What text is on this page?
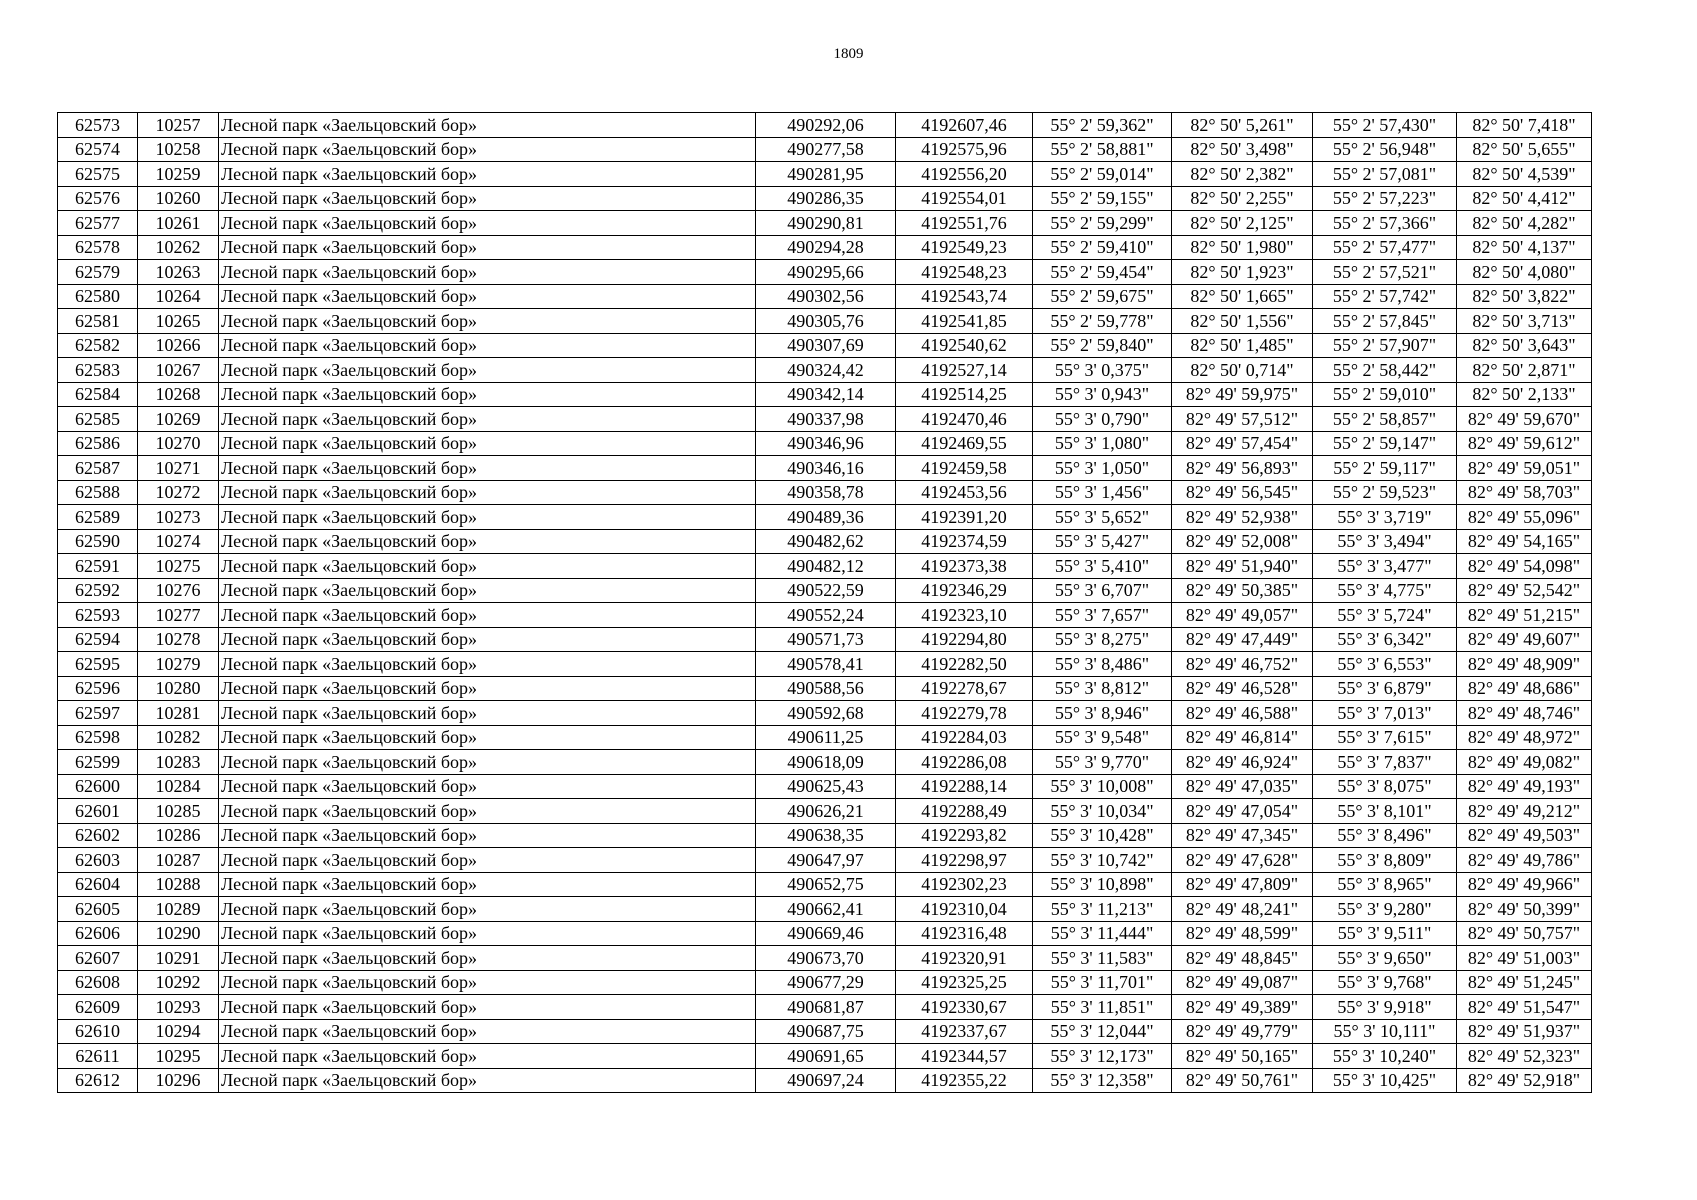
1809
62573	10257	Лесной парк «Заельцовский бор»	490292,06	4192607,46	55° 2' 59,362"	82° 50' 5,261"	55° 2' 57,430"	82° 50' 7,418"
62574	10258	Лесной парк «Заельцовский бор»	490277,58	4192575,96	55° 2' 58,881"	82° 50' 3,498"	55° 2' 56,948"	82° 50' 5,655"
62575	10259	Лесной парк «Заельцовский бор»	490281,95	4192556,20	55° 2' 59,014"	82° 50' 2,382"	55° 2' 57,081"	82° 50' 4,539"
62576	10260	Лесной парк «Заельцовский бор»	490286,35	4192554,01	55° 2' 59,155"	82° 50' 2,255"	55° 2' 57,223"	82° 50' 4,412"
62577	10261	Лесной парк «Заельцовский бор»	490290,81	4192551,76	55° 2' 59,299"	82° 50' 2,125"	55° 2' 57,366"	82° 50' 4,282"
62578	10262	Лесной парк «Заельцовский бор»	490294,28	4192549,23	55° 2' 59,410"	82° 50' 1,980"	55° 2' 57,477"	82° 50' 4,137"
62579	10263	Лесной парк «Заельцовский бор»	490295,66	4192548,23	55° 2' 59,454"	82° 50' 1,923"	55° 2' 57,521"	82° 50' 4,080"
62580	10264	Лесной парк «Заельцовский бор»	490302,56	4192543,74	55° 2' 59,675"	82° 50' 1,665"	55° 2' 57,742"	82° 50' 3,822"
62581	10265	Лесной парк «Заельцовский бор»	490305,76	4192541,85	55° 2' 59,778"	82° 50' 1,556"	55° 2' 57,845"	82° 50' 3,713"
62582	10266	Лесной парк «Заельцовский бор»	490307,69	4192540,62	55° 2' 59,840"	82° 50' 1,485"	55° 2' 57,907"	82° 50' 3,643"
62583	10267	Лесной парк «Заельцовский бор»	490324,42	4192527,14	55° 3' 0,375"	82° 50' 0,714"	55° 2' 58,442"	82° 50' 2,871"
62584	10268	Лесной парк «Заельцовский бор»	490342,14	4192514,25	55° 3' 0,943"	82° 49' 59,975"	55° 2' 59,010"	82° 50' 2,133"
62585	10269	Лесной парк «Заельцовский бор»	490337,98	4192470,46	55° 3' 0,790"	82° 49' 57,512"	55° 2' 58,857"	82° 49' 59,670"
62586	10270	Лесной парк «Заельцовский бор»	490346,96	4192469,55	55° 3' 1,080"	82° 49' 57,454"	55° 2' 59,147"	82° 49' 59,612"
62587	10271	Лесной парк «Заельцовский бор»	490346,16	4192459,58	55° 3' 1,050"	82° 49' 56,893"	55° 2' 59,117"	82° 49' 59,051"
62588	10272	Лесной парк «Заельцовский бор»	490358,78	4192453,56	55° 3' 1,456"	82° 49' 56,545"	55° 2' 59,523"	82° 49' 58,703"
62589	10273	Лесной парк «Заельцовский бор»	490489,36	4192391,20	55° 3' 5,652"	82° 49' 52,938"	55° 3' 3,719"	82° 49' 55,096"
62590	10274	Лесной парк «Заельцовский бор»	490482,62	4192374,59	55° 3' 5,427"	82° 49' 52,008"	55° 3' 3,494"	82° 49' 54,165"
62591	10275	Лесной парк «Заельцовский бор»	490482,12	4192373,38	55° 3' 5,410"	82° 49' 51,940"	55° 3' 3,477"	82° 49' 54,098"
62592	10276	Лесной парк «Заельцовский бор»	490522,59	4192346,29	55° 3' 6,707"	82° 49' 50,385"	55° 3' 4,775"	82° 49' 52,542"
62593	10277	Лесной парк «Заельцовский бор»	490552,24	4192323,10	55° 3' 7,657"	82° 49' 49,057"	55° 3' 5,724"	82° 49' 51,215"
62594	10278	Лесной парк «Заельцовский бор»	490571,73	4192294,80	55° 3' 8,275"	82° 49' 47,449"	55° 3' 6,342"	82° 49' 49,607"
62595	10279	Лесной парк «Заельцовский бор»	490578,41	4192282,50	55° 3' 8,486"	82° 49' 46,752"	55° 3' 6,553"	82° 49' 48,909"
62596	10280	Лесной парк «Заельцовский бор»	490588,56	4192278,67	55° 3' 8,812"	82° 49' 46,528"	55° 3' 6,879"	82° 49' 48,686"
62597	10281	Лесной парк «Заельцовский бор»	490592,68	4192279,78	55° 3' 8,946"	82° 49' 46,588"	55° 3' 7,013"	82° 49' 48,746"
62598	10282	Лесной парк «Заельцовский бор»	490611,25	4192284,03	55° 3' 9,548"	82° 49' 46,814"	55° 3' 7,615"	82° 49' 48,972"
62599	10283	Лесной парк «Заельцовский бор»	490618,09	4192286,08	55° 3' 9,770"	82° 49' 46,924"	55° 3' 7,837"	82° 49' 49,082"
62600	10284	Лесной парк «Заельцовский бор»	490625,43	4192288,14	55° 3' 10,008"	82° 49' 47,035"	55° 3' 8,075"	82° 49' 49,193"
62601	10285	Лесной парк «Заельцовский бор»	490626,21	4192288,49	55° 3' 10,034"	82° 49' 47,054"	55° 3' 8,101"	82° 49' 49,212"
62602	10286	Лесной парк «Заельцовский бор»	490638,35	4192293,82	55° 3' 10,428"	82° 49' 47,345"	55° 3' 8,496"	82° 49' 49,503"
62603	10287	Лесной парк «Заельцовский бор»	490647,97	4192298,97	55° 3' 10,742"	82° 49' 47,628"	55° 3' 8,809"	82° 49' 49,786"
62604	10288	Лесной парк «Заельцовский бор»	490652,75	4192302,23	55° 3' 10,898"	82° 49' 47,809"	55° 3' 8,965"	82° 49' 49,966"
62605	10289	Лесной парк «Заельцовский бор»	490662,41	4192310,04	55° 3' 11,213"	82° 49' 48,241"	55° 3' 9,280"	82° 49' 50,399"
62606	10290	Лесной парк «Заельцовский бор»	490669,46	4192316,48	55° 3' 11,444"	82° 49' 48,599"	55° 3' 9,511"	82° 49' 50,757"
62607	10291	Лесной парк «Заельцовский бор»	490673,70	4192320,91	55° 3' 11,583"	82° 49' 48,845"	55° 3' 9,650"	82° 49' 51,003"
62608	10292	Лесной парк «Заельцовский бор»	490677,29	4192325,25	55° 3' 11,701"	82° 49' 49,087"	55° 3' 9,768"	82° 49' 51,245"
62609	10293	Лесной парк «Заельцовский бор»	490681,87	4192330,67	55° 3' 11,851"	82° 49' 49,389"	55° 3' 9,918"	82° 49' 51,547"
62610	10294	Лесной парк «Заельцовский бор»	490687,75	4192337,67	55° 3' 12,044"	82° 49' 49,779"	55° 3' 10,111"	82° 49' 51,937"
62611	10295	Лесной парк «Заельцовский бор»	490691,65	4192344,57	55° 3' 12,173"	82° 49' 50,165"	55° 3' 10,240"	82° 49' 52,323"
62612	10296	Лесной парк «Заельцовский бор»	490697,24	4192355,22	55° 3' 12,358"	82° 49' 50,761"	55° 3' 10,425"	82° 49' 52,918"
